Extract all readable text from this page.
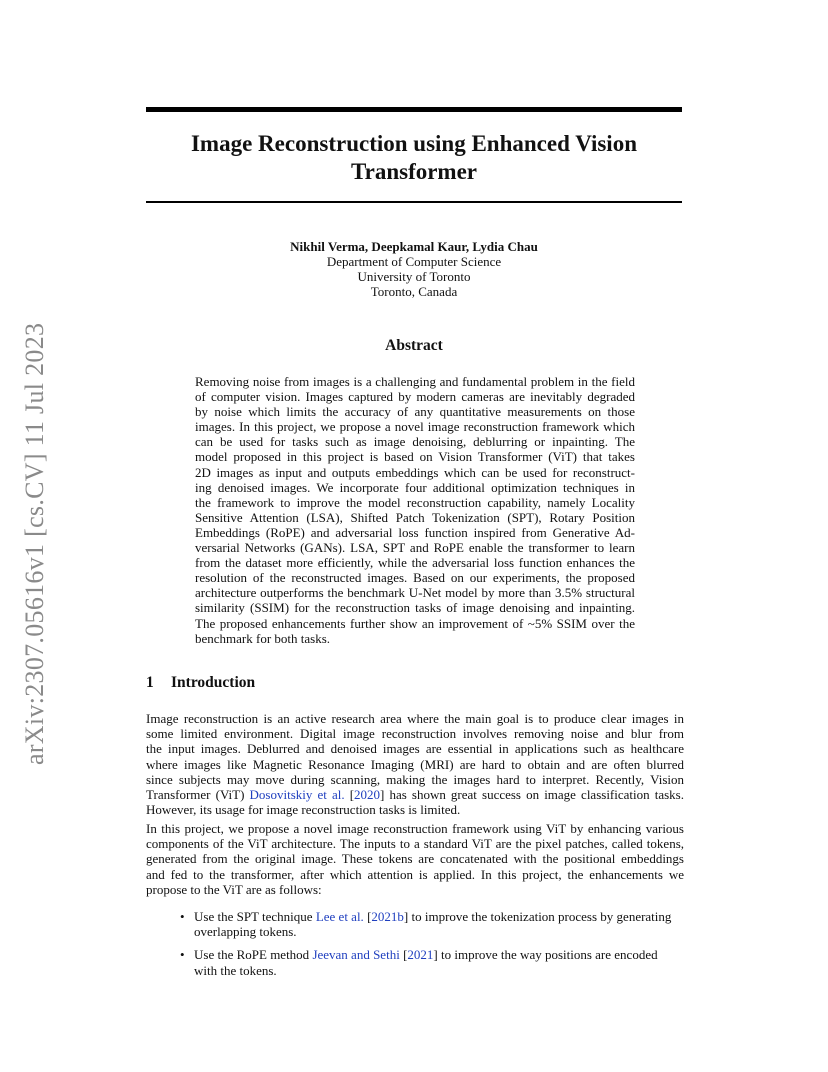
arXiv:2307.05616v1 [cs.CV] 11 Jul 2023
Image Reconstruction using Enhanced Vision
Transformer
Nikhil Verma, Deepkamal Kaur, Lydia Chau
Department of Computer Science
University of Toronto
Toronto, Canada
Abstract
Removing noise from images is a challenging and fundamental problem in the field
of computer vision. Images captured by modern cameras are inevitably degraded
by noise which limits the accuracy of any quantitative measurements on those
images. In this project, we propose a novel image reconstruction framework which
can be used for tasks such as image denoising, deblurring or inpainting. The
model proposed in this project is based on Vision Transformer (ViT) that takes
2D images as input and outputs embeddings which can be used for reconstruct-
ing denoised images. We incorporate four additional optimization techniques in
the framework to improve the model reconstruction capability, namely Locality
Sensitive Attention (LSA), Shifted Patch Tokenization (SPT), Rotary Position
Embeddings (RoPE) and adversarial loss function inspired from Generative Ad-
versarial Networks (GANs). LSA, SPT and RoPE enable the transformer to learn
from the dataset more efficiently, while the adversarial loss function enhances the
resolution of the reconstructed images. Based on our experiments, the proposed
architecture outperforms the benchmark U-Net model by more than 3.5% structural
similarity (SSIM) for the reconstruction tasks of image denoising and inpainting.
The proposed enhancements further show an improvement of ~5% SSIM over the
benchmark for both tasks.
1 Introduction
Image reconstruction is an active research area where the main goal is to produce clear images in
some limited environment. Digital image reconstruction involves removing noise and blur from
the input images. Deblurred and denoised images are essential in applications such as healthcare
where images like Magnetic Resonance Imaging (MRI) are hard to obtain and are often blurred
since subjects may move during scanning, making the images hard to interpret. Recently, Vision
Transformer (ViT) Dosovitskiy et al. [2020] has shown great success on image classification tasks.
However, its usage for image reconstruction tasks is limited.
In this project, we propose a novel image reconstruction framework using ViT by enhancing various
components of the ViT architecture. The inputs to a standard ViT are the pixel patches, called tokens,
generated from the original image. These tokens are concatenated with the positional embeddings
and fed to the transformer, after which attention is applied. In this project, the enhancements we
propose to the ViT are as follows:
• Use the SPT technique Lee et al. [2021b] to improve the tokenization process by generating
overlapping tokens.
• Use the RoPE method Jeevan and Sethi [2021] to improve the way positions are encoded
with the tokens.
